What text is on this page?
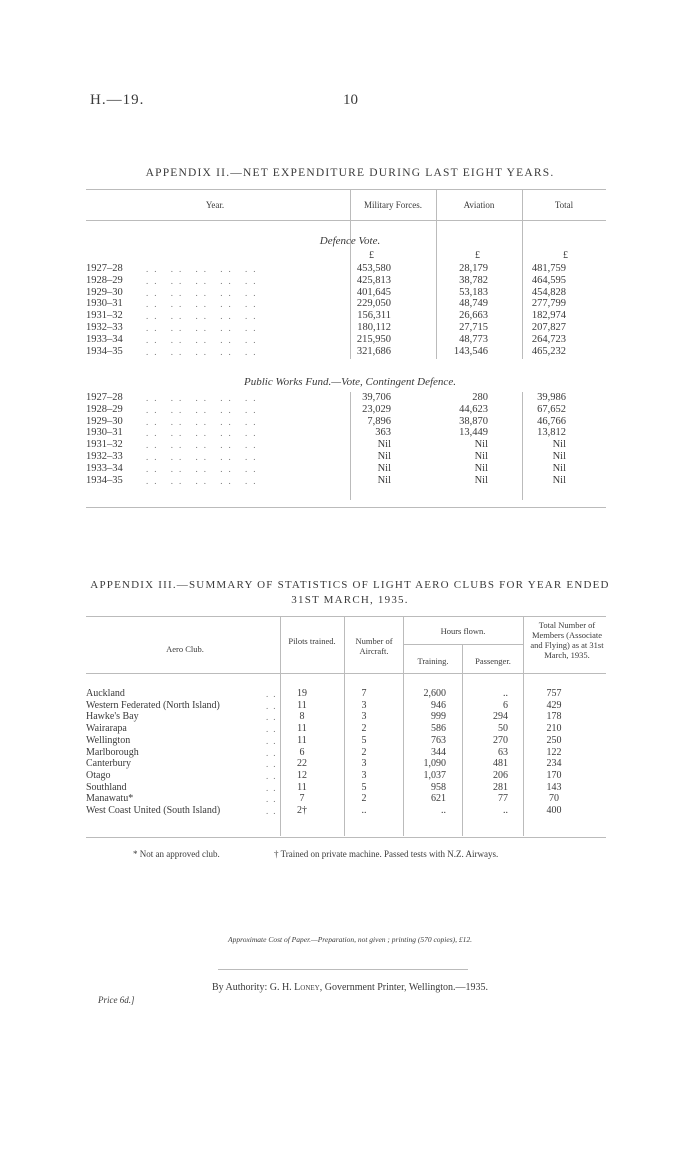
H.—19.	10
APPENDIX II.—NET EXPENDITURE DURING LAST EIGHT YEARS.
Year.	Military Forces.	Aviation	Total
Defence Vote.
£	£	£
1927–28	.. .. .. .. ..	453,580	28,179	481,759
1928–29	.. .. .. .. ..	425,813	38,782	464,595
1929–30	.. .. .. .. ..	401,645	53,183	454,828
1930–31	.. .. .. .. ..	229,050	48,749	277,799
1931–32	.. .. .. .. ..	156,311	26,663	182,974
1932–33	.. .. .. .. ..	180,112	27,715	207,827
1933–34	.. .. .. .. ..	215,950	48,773	264,723
1934–35	.. .. .. .. ..	321,686	143,546	465,232
Public Works Fund.—Vote, Contingent Defence.
1927–28	.. .. .. .. ..	39,706	280	39,986
1928–29	.. .. .. .. ..	23,029	44,623	67,652
1929–30	.. .. .. .. ..	7,896	38,870	46,766
1930–31	.. .. .. .. ..	363	13,449	13,812
1931–32	.. .. .. .. ..	Nil	Nil	Nil
1932–33	.. .. .. .. ..	Nil	Nil	Nil
1933–34	.. .. .. .. ..	Nil	Nil	Nil
1934–35	.. .. .. .. ..	Nil	Nil	Nil
APPENDIX III.—SUMMARY OF STATISTICS OF LIGHT AERO CLUBS FOR YEAR ENDED
31ST MARCH, 1935.
Aero Club.
Pilots trained.	Number of Aircraft.
Hours flown.
Training.	Passenger.
Total Number of Members (Associate and Flying) as at 31st March, 1935.
Auckland	..	19	7	2,600	..	757
Western Federated (North Island)	..	11	3	946	6	429
Hawke's Bay	..	8	3	999	294	178
Wairarapa	..	11	2	586	50	210
Wellington	..	11	5	763	270	250
Marlborough	..	6	2	344	63	122
Canterbury	..	22	3	1,090	481	234
Otago	..	12	3	1,037	206	170
Southland	..	11	5	958	281	143
Manawatu*	..	7	2	621	77	70
West Coast United (South Island)	..	2†	..	..	..	400
* Not an approved club.	† Trained on private machine. Passed tests with N.Z. Airways.
Approximate Cost of Paper.—Preparation, not given ; printing (570 copies), £12.
By Authority: G. H. Loney, Government Printer, Wellington.—1935.
Price 6d.]
